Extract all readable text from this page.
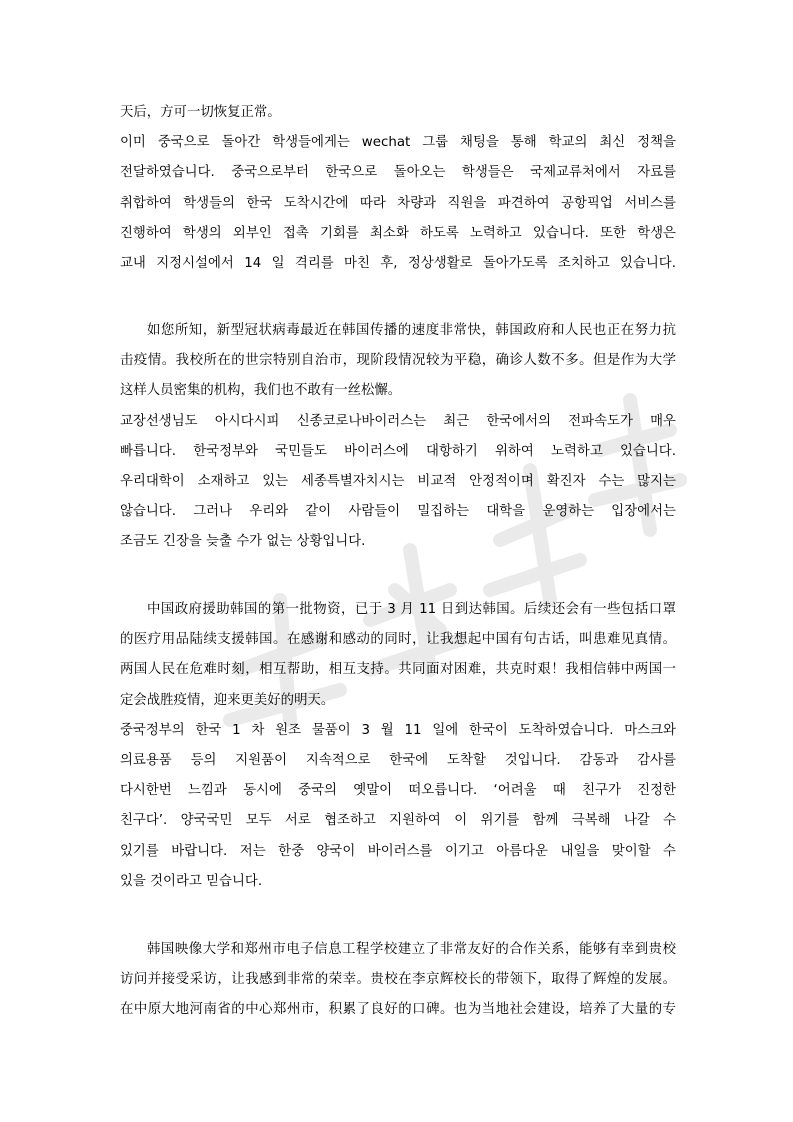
天后，方可一切恢复正常。
이미 중국으로 돌아간 학생들에게는 wechat 그룹 채팅을 통해 학교의 최신 정책을
전달하였습니다. 중국으로부터 한국으로 돌아오는 학생들은 국제교류처에서 자료를
취합하여 학생들의 한국 도착시간에 따라 차량과 직원을 파견하여 공항픽업 서비스를
진행하여 학생의 외부인 접촉 기회를 최소화 하도록 노력하고 있습니다. 또한 학생은
교내 지정시설에서 14 일 격리를 마친 후, 정상생활로 돌아가도록 조치하고 있습니다.
如您所知，新型冠状病毒最近在韩国传播的速度非常快，韩国政府和人民也正在努力抗
击疫情。我校所在的世宗特别自治市，现阶段情况较为平稳，确诊人数不多。但是作为大学
这样人员密集的机构，我们也不敢有一丝松懈。
교장선생님도 아시다시피 신종코로나바이러스는 최근 한국에서의 전파속도가 매우
빠릅니다. 한국정부와 국민들도 바이러스에 대항하기 위하여 노력하고 있습니다.
우리대학이 소재하고 있는 세종특별자치시는 비교적 안정적이며 확진자 수는 많지는
않습니다. 그러나 우리와 같이 사람들이 밀집하는 대학을 운영하는 입장에서는
조금도 긴장을 늦출 수가 없는 상황입니다.
中国政府援助韩国的第一批物资，已于 3 月 11 日到达韩国。后续还会有一些包括口罩
的医疗用品陆续支援韩国。在感谢和感动的同时，让我想起中国有句古话，叫患难见真情。
两国人民在危难时刻，相互帮助，相互支持。共同面对困难，共克时艰！我相信韩中两国一
定会战胜疫情，迎来更美好的明天。
중국정부의 한국 1 차 원조 물품이 3 월 11 일에 한국이 도착하였습니다. 마스크와
의료용품 등의 지원품이 지속적으로 한국에 도착할 것입니다. 감동과 감사를
다시한번 느낌과 동시에 중국의 옛말이 떠오릅니다. ‘어려울 때 친구가 진정한
친구다’. 양국국민 모두 서로 협조하고 지원하여 이 위기를 함께 극복해 나갈 수
있기를 바랍니다. 저는 한중 양국이 바이러스를 이기고 아름다운 내일을 맞이할 수
있을 것이라고 믿습니다.
韩国映像大学和郑州市电子信息工程学校建立了非常友好的合作关系，能够有幸到贵校
访问并接受采访，让我感到非常的荣幸。贵校在李京辉校长的带领下，取得了辉煌的发展。
在中原大地河南省的中心郑州市，积累了良好的口碑。也为当地社会建设，培养了大量的专
